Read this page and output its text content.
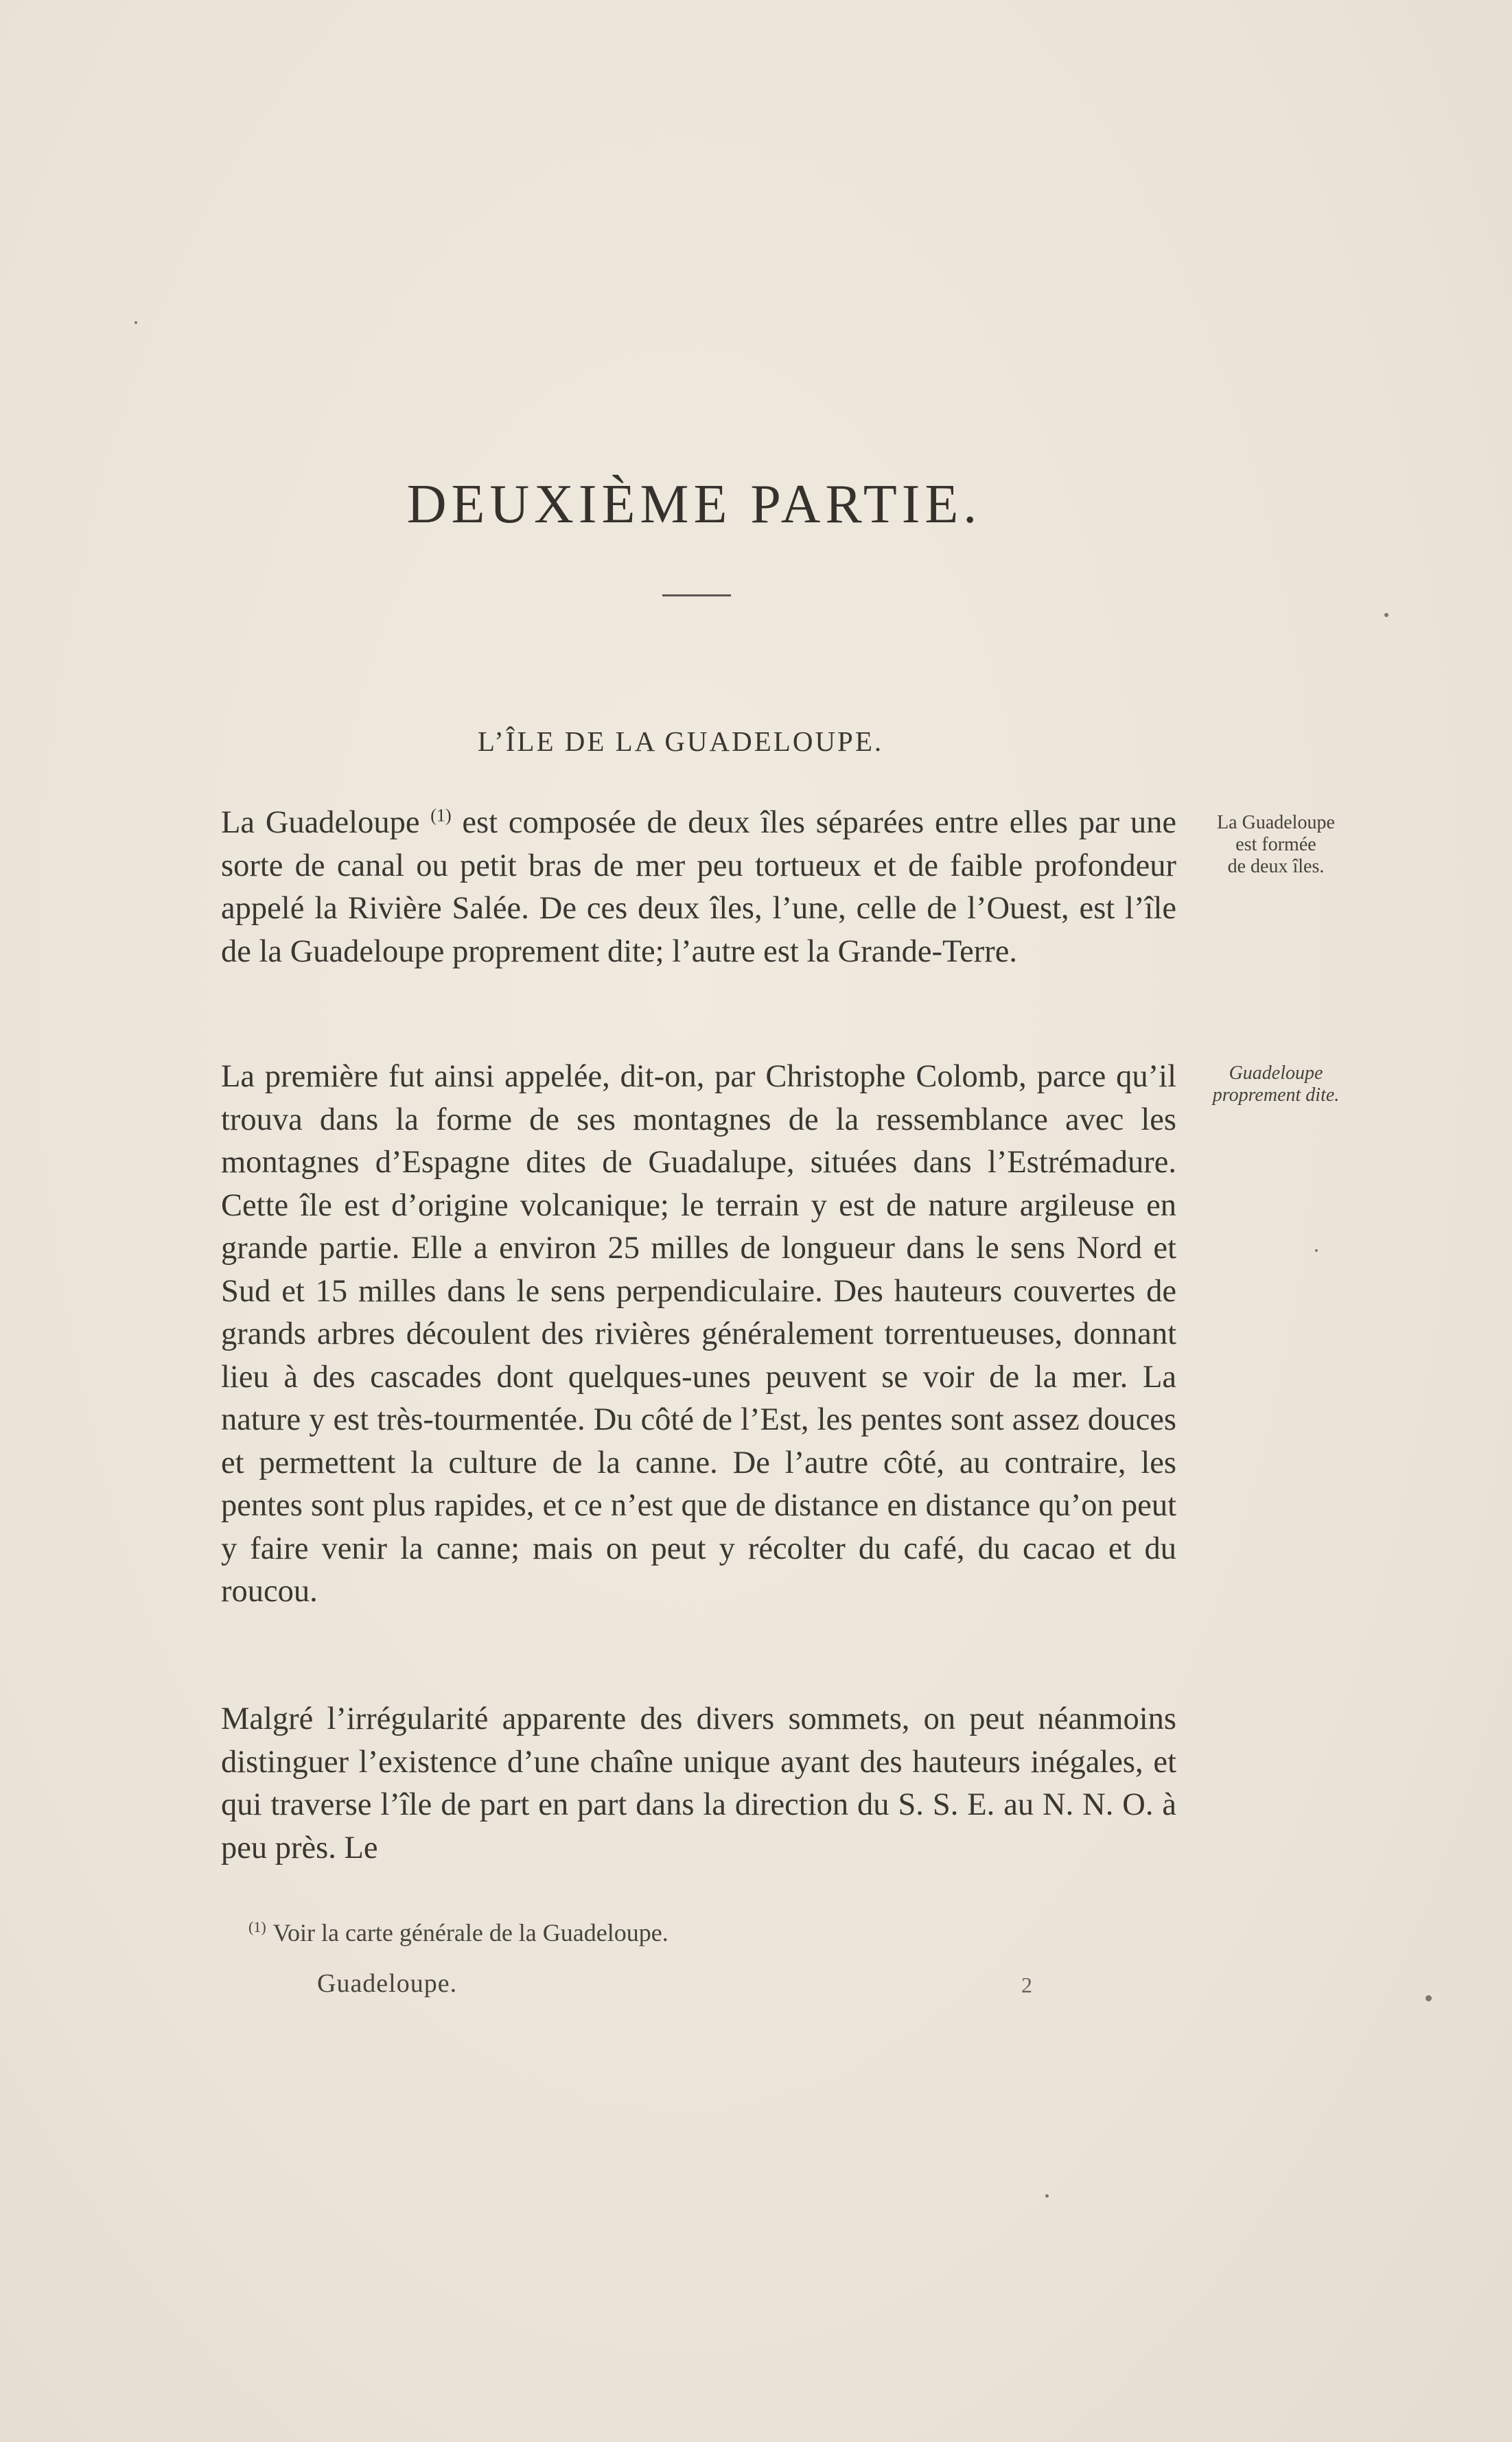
DEUXIÈME PARTIE.
L’ÎLE DE LA GUADELOUPE.

La Guadeloupe $^{(1)}$ est composée de deux îles séparées entre elles par une sorte de canal ou petit bras de mer peu tortueux et de faible profondeur appelé la Rivière Salée. De ces deux îles, l’une, celle de l’Ouest, est l’île de la Guadeloupe proprement dite; l’autre est la Grande-Terre.

La première fut ainsi appelée, dit-on, par Christophe Colomb, parce qu’il trouva dans la forme de ses montagnes de la ressemblance avec les montagnes d’Espagne dites de Guadalupe, situées dans l’Estrémadure. Cette île est d’origine volcanique; le terrain y est de nature argileuse en grande partie. Elle a environ 25 milles de longueur dans le sens Nord et Sud et 15 milles dans le sens perpendiculaire. Des hauteurs couvertes de grands arbres découlent des rivières généralement torrentueuses, donnant lieu à des cascades dont quelques-unes peuvent se voir de la mer. La nature y est très-tourmentée. Du côté de l’Est, les pentes sont assez douces et permettent la culture de la canne. De l’autre côté, au contraire, les pentes sont plus rapides, et ce n’est que de distance en distance qu’on peut y faire venir la canne; mais on peut y récolter du café, du cacao et du roucou.

Malgré l’irrégularité apparente des divers sommets, on peut néanmoins distinguer l’existence d’une chaîne unique ayant des hauteurs inégales, et qui traverse l’île de part en part dans la direction du S. S. E. au N. N. O. à peu près. Le

La Guadeloupe
est formée
de deux îles.
Guadeloupe
proprement dite.

$^{(1)}$ Voir la carte générale de la Guadeloupe.

Guadeloupe.	2
